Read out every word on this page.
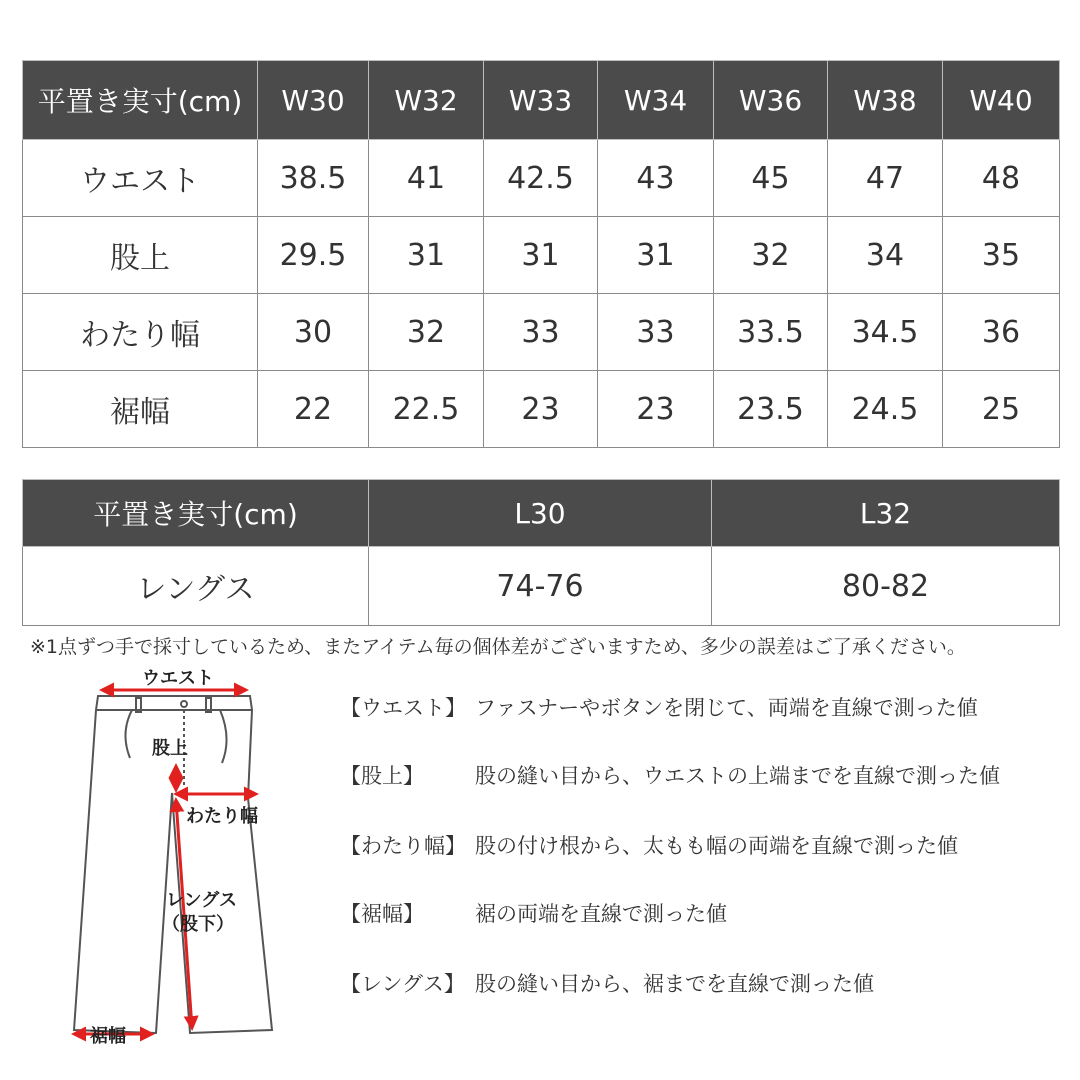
平置き実寸(cm)	W30	W32	W33	W34	W36	W38	W40
ウエスト	38.5	41	42.5	43	45	47	48
股上	29.5	31	31	31	32	34	35
わたり幅	30	32	33	33	33.5	34.5	36
裾幅	22	22.5	23	23	23.5	24.5	25
平置き実寸(cm)	L30	L32
レングス	74-76	80-82
※1点ずつ手で採寸しているため、またアイテム毎の個体差がございますため、多少の誤差はご了承ください。
ウエスト
股上
わたり幅
レングス
（股下）
裾幅
【ウエスト】 ファスナーやボタンを閉じて、両端を直線で測った値
【股上】 股の縫い目から、ウエストの上端までを直線で測った値
【わたり幅】 股の付け根から、太もも幅の両端を直線で測った値
【裾幅】 裾の両端を直線で測った値
【レングス】 股の縫い目から、裾までを直線で測った値
